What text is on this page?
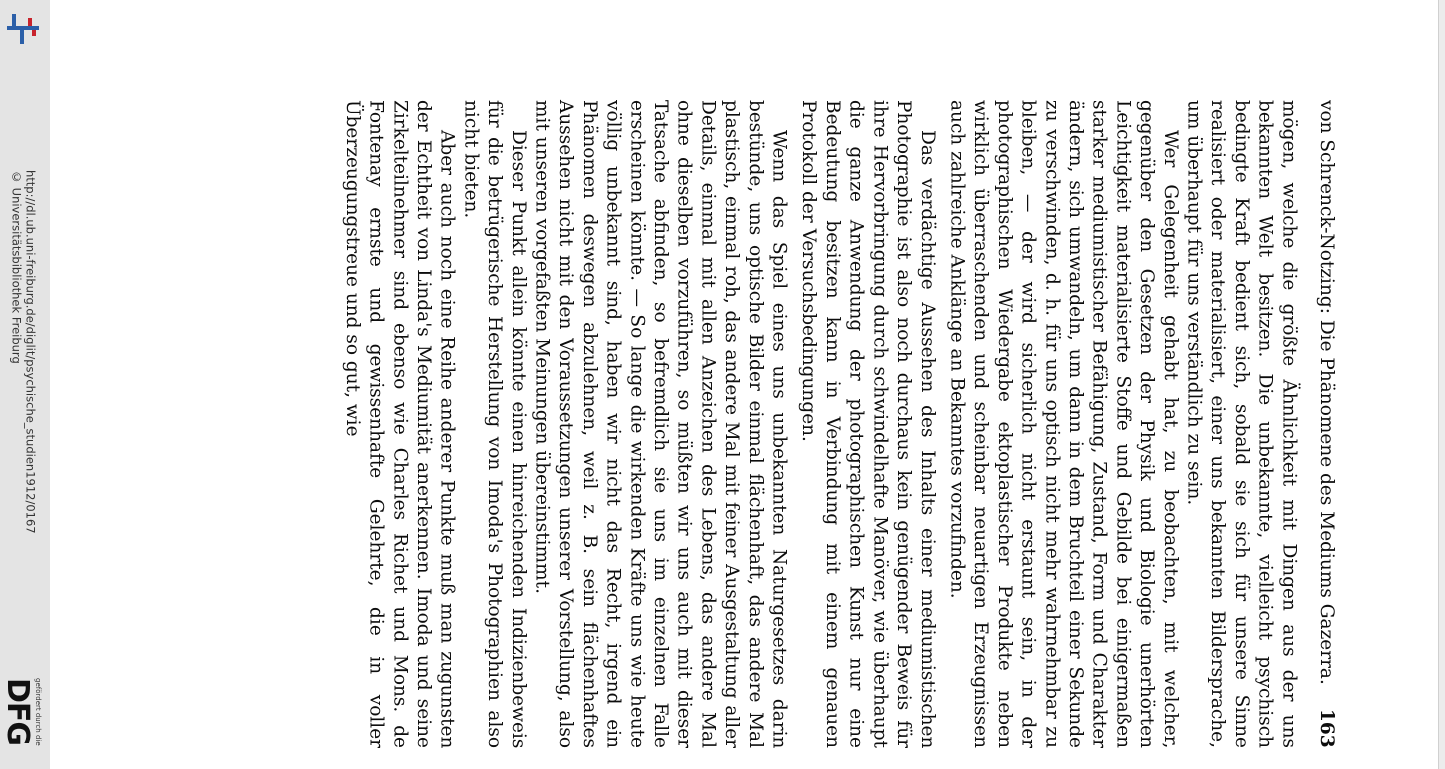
http://dl.ub.uni-freiburg.de/diglit/psychische_studien1912/0167
© Universitätsbibliothek Freiburg
gefördert durch die
DFG
von Schrenck-Notzing: Die Phänomene des Mediums Gazerra.
163

mögen, welche die größte Ähnlichkeit mit Dingen aus der uns bekannten Welt besitzen. Die unbekannte, vielleicht psychisch bedingte Kraft bedient sich, sobald sie sich für unsere Sinne realisiert oder materialisiert, einer uns bekannten Bildersprache, um überhaupt für uns verständlich zu sein.

Wer Gelegenheit gehabt hat, zu beobachten, mit welcher, gegenüber den Gesetzen der Physik und Biologie unerhörten Leichtigkeit materialisierte Stoffe und Gebilde bei einigermaßen starker mediumistischer Befähigung, Zustand, Form und Charakter ändern, sich umwandeln, um dann in dem Bruchteil einer Sekunde zu verschwinden, d. h. für uns optisch nicht mehr wahrnehmbar zu bleiben, — der wird sicherlich nicht erstaunt sein, in der photographischen Wiedergabe ektoplastischer Produkte neben wirklich überraschenden und scheinbar neuartigen Erzeugnissen auch zahlreiche Anklänge an Bekanntes vorzufinden.

Das verdächtige Aussehen des Inhalts einer mediumistischen Photographie ist also noch durchaus kein genügender Beweis für ihre Hervorbringung durch schwindelhafte Manöver, wie überhaupt die ganze Anwendung der photographischen Kunst nur eine Bedeutung besitzen kann in Verbindung mit einem genauen Protokoll der Versuchsbedingungen.

Wenn das Spiel eines uns unbekannten Naturgesetzes darin bestünde, uns optische Bilder einmal flächenhaft, das andere Mal plastisch, einmal roh, das andere Mal mit feiner Ausgestaltung aller Details, einmal mit allen Anzeichen des Lebens, das andere Mal ohne dieselben vorzuführen, so müßten wir uns auch mit dieser Tatsache abfinden, so befremdlich sie uns im einzelnen Falle erscheinen könnte. — So lange die wirkenden Kräfte uns wie heute völlig unbekannt sind, haben wir nicht das Recht, irgend ein Phänomen deswegen abzulehnen, weil z. B. sein flächenhaftes Aussehen nicht mit den Voraussetzungen unserer Vorstellung, also mit unseren vorgefaßten Meinungen übereinstimmt.

Dieser Punkt allein könnte einen hinreichenden Indizienbeweis für die betrügerische Herstellung von Imoda's Photographien also nicht bieten.

Aber auch noch eine Reihe anderer Punkte muß man zugunsten der Echtheit von Linda's Mediumität anerkennen. Imoda und seine Zirkelteilnehmer sind ebenso wie Charles Richet und Mons. de Fontenay ernste und gewissenhafte Gelehrte, die in voller Überzeugungstreue und so gut, wie
